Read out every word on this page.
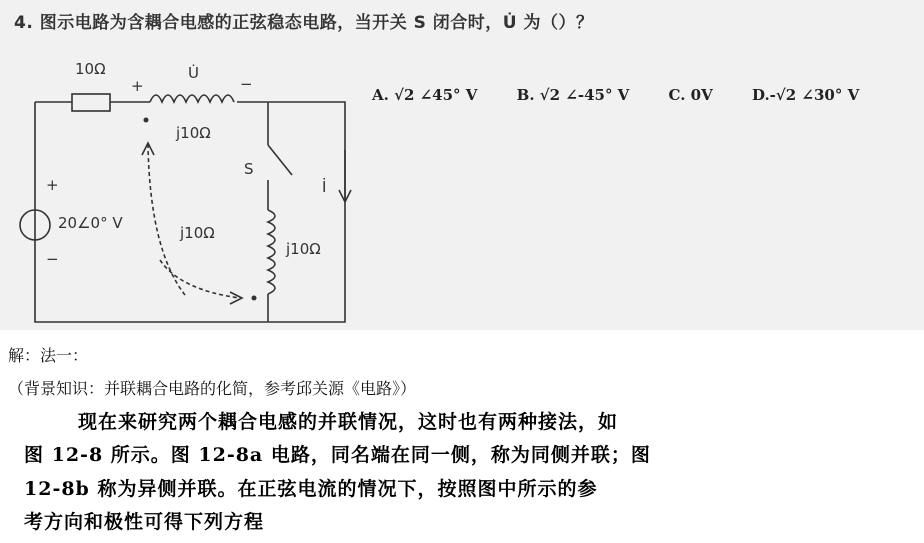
4. 图示电路为含耦合电感的正弦稳态电路，当开关 S 闭合时，U̇ 为（）？
10Ω
+	−
U̇
j10Ω
S
İ
+
−
20∠0° V
j10Ω
j10Ω
A. √2 ∠45° V	B. √2 ∠-45° V	C. 0V	D.-√2 ∠30° V
解：法一：
（背景知识：并联耦合电路的化简，参考邱关源《电路》）
现在来研究两个耦合电感的并联情况，这时也有两种接法，如
图 12-8 所示。图 12-8a 电路，同名端在同一侧，称为同侧并联；图
12-8b 称为异侧并联。在正弦电流的情况下，按照图中所示的参
考方向和极性可得下列方程
